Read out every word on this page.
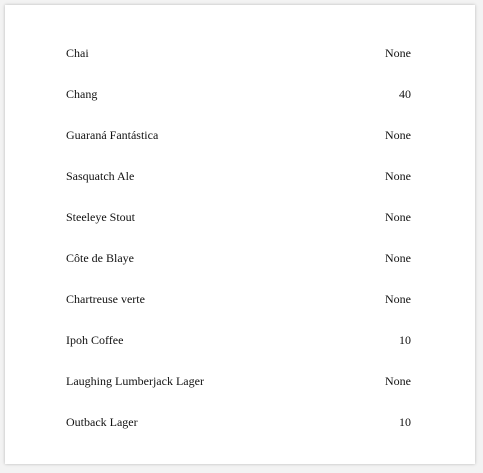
Chai	None
Chang	40
Guaraná Fantástica	None
Sasquatch Ale	None
Steeleye Stout	None
Côte de Blaye	None
Chartreuse verte	None
Ipoh Coffee	10
Laughing Lumberjack Lager	None
Outback Lager	10
